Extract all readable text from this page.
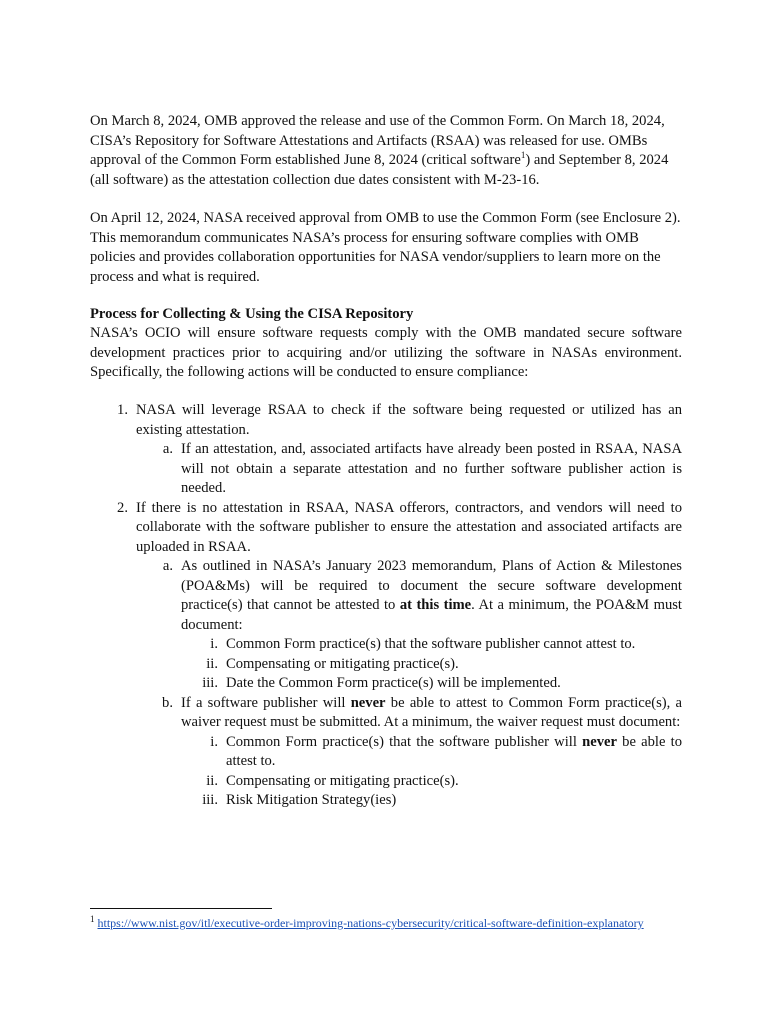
On March 8, 2024, OMB approved the release and use of the Common Form. On March 18, 2024, CISA’s Repository for Software Attestations and Artifacts (RSAA) was released for use. OMBs approval of the Common Form established June 8, 2024 (critical software$^1$) and September 8, 2024 (all software) as the attestation collection due dates consistent with M-23-16.

On April 12, 2024, NASA received approval from OMB to use the Common Form (see Enclosure 2). This memorandum communicates NASA’s process for ensuring software complies with OMB policies and provides collaboration opportunities for NASA vendor/suppliers to learn more on the process and what is required.

Process for Collecting & Using the CISA Repository

NASA’s OCIO will ensure software requests comply with the OMB mandated secure software development practices prior to acquiring and/or utilizing the software in NASAs environment. Specifically, the following actions will be conducted to ensure compliance:

1. NASA will leverage RSAA to check if the software being requested or utilized has an existing attestation.
a. If an attestation, and, associated artifacts have already been posted in RSAA, NASA will not obtain a separate attestation and no further software publisher action is needed.
2. If there is no attestation in RSAA, NASA offerors, contractors, and vendors will need to collaborate with the software publisher to ensure the attestation and associated artifacts are uploaded in RSAA.
a. As outlined in NASA’s January 2023 memorandum, Plans of Action & Milestones (POA&Ms) will be required to document the secure software development practice(s) that cannot be attested to at this time. At a minimum, the POA&M must document:
i. Common Form practice(s) that the software publisher cannot attest to.
ii. Compensating or mitigating practice(s).
iii. Date the Common Form practice(s) will be implemented.
b. If a software publisher will never be able to attest to Common Form practice(s), a waiver request must be submitted. At a minimum, the waiver request must document:
i. Common Form practice(s) that the software publisher will never be able to attest to.
ii. Compensating or mitigating practice(s).
iii. Risk Mitigation Strategy(ies)
$^1$ https://www.nist.gov/itl/executive-order-improving-nations-cybersecurity/critical-software-definition-explanatory
